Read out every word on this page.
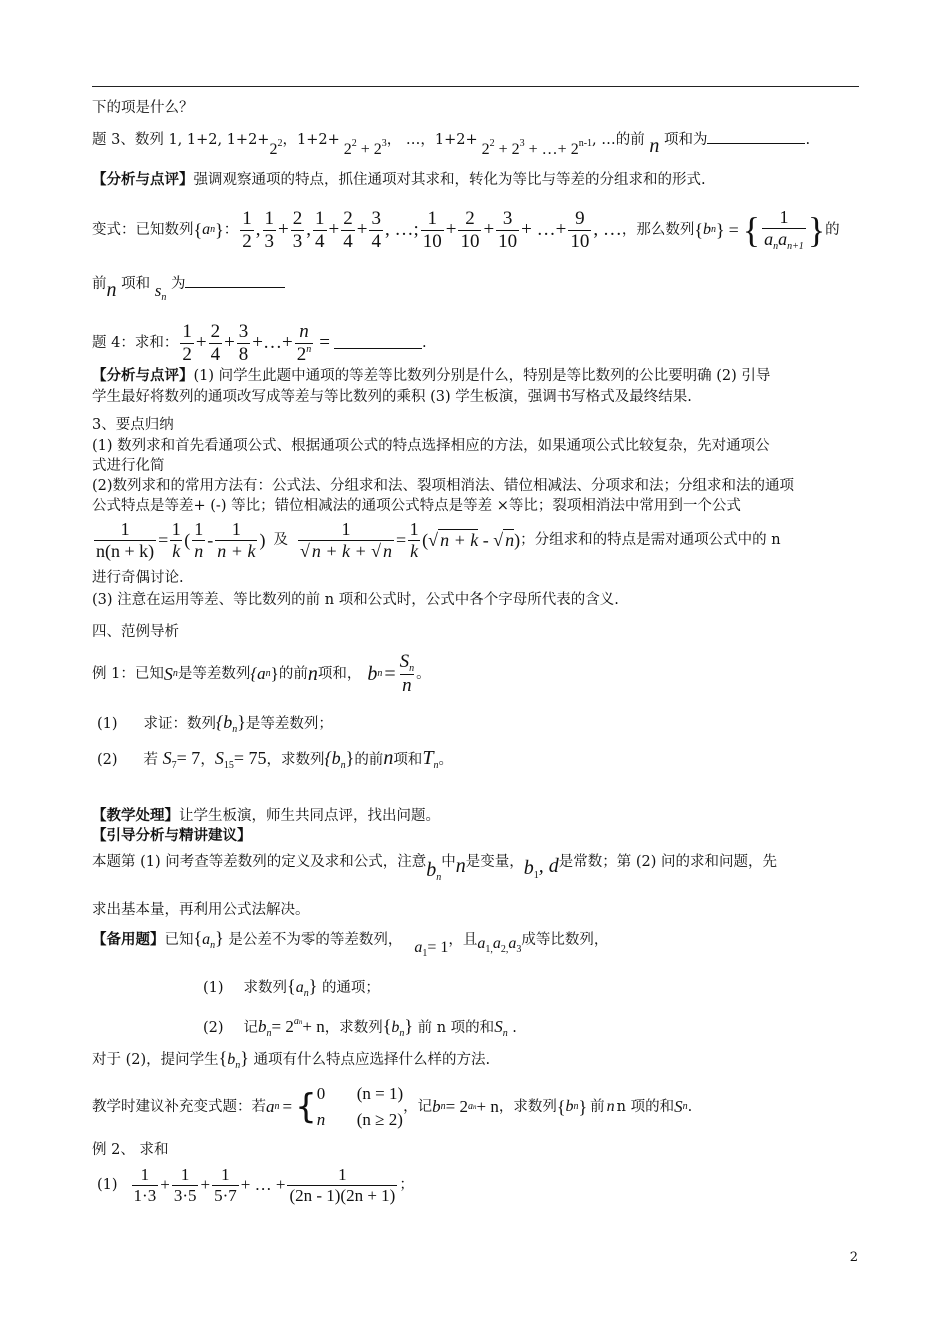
下的项是什么？
题 3、数列 1, 1+2, $1+2+2^2$，$1+2+ 2^2 + 2^3$， …，$1+2+ 2^2 + 2^3$ + …+ $2^{n-1}$, …的前 n 项和为	.
【分析与点评】强调观察通项的特点，抓住通项对其求和，转化为等比与等差的分组求和的形式.
变式：已知数列 { a n } ： $\frac{1}{2}$ , $\frac{1}{3} + \frac{2}{3}$ , $\frac{1}{4} + \frac{2}{4} + \frac{3}{4}$ , …; $\frac{1}{10} + \frac{2}{10} + \frac{3}{10}$ + …+ $\frac{9}{10}$ , … ，那么数列 { b n } = { $\frac{1}{a_na_{n+1}}$ } 的
前n 项和 $s_n$ 为
题 4：求和： $\frac{1}{2} + \frac{2}{4} + \frac{3}{8}$ +…+ $\frac{n}{2^n}$ =	.
【分析与点评】(1) 问学生此题中通项的等差等比数列分别是什么，特别是等比数列的公比要明确 (2) 引导
学生最好将数列的通项改写成等差与等比数列的乘积 (3) 学生板演，强调书写格式及最终结果.
3、要点归纳
(1) 数列求和首先看通项公式、根据通项公式的特点选择相应的方法，如果通项公式比较复杂，先对通项公
式进行化简
(2)数列求和的常用方法有：公式法、分组求和法、裂项相消法、错位相减法、分项求和法；分组求和法的通项
公式特点是等差+ (-) 等比；错位相减法的通项公式特点是等差 ×等比；裂项相消法中常用到一个公式
$\frac{1}{n(n + k)} = \frac{1}{k}$ ( $\frac{1}{n} - \frac{1}{n + k}$ ) 及 $\frac{1}{√ n + k + √ n} = \frac{1}{k}$ ( √ n + k - √ n ) ；分组求和的特点是需对通项公式中的 n
进行奇偶讨论.
(3) 注意在运用等差、等比数列的前 n 项和公式时，公式中各个字母所代表的含义.
四、范例导析
例 1：已知 S n 是等差数列 {a n } 的前 n 项和， b $n = \frac{S_n}{n}$ 。
(1) 求证：数列$\{b_n\}$是等差数列；
(2) 若 $S_7= 7$，$S_{15}= 75$，求数列$\{b_n\}$的前n项和$T_n$。
【教学处理】让学生板演，师生共同点评，找出问题。
【引导分析与精讲建议】
本题第 (1) 问考查等差数列的定义及求和公式，注意$b_n$中n是变量，$b_1$, d是常数；第 (2) 问的求和问题，先
求出基本量，再利用公式法解决。
【备用题】已知$\{a_n\}$ 是公差不为零的等差数列， $a_1= 1$，且$a_{1,}a_{2,}a_3$成等比数列，
(1) 求数列$\{a_n\}$ 的通项；
(2) 记$b_n= 2^{an}+ n$，求数列$\{b_n\}$ 前 n 项的和$S_n$ .
对于 (2)，提问学生$\{b_n\}$ 通项有什么特点应选择什么样的方法.
教学时建议补充变式题：若 a n = { 0 (n = 1)
n (n ≥ 2)
，记 b n = 2 an + n ，求数列 { b n } 前 n n 项的和 S n .
例 2、 求和
$(1) \frac{1}{1\cdot 3} + \frac{1}{3\cdot 5} + \frac{1}{5\cdot 7}$ + … + $\frac{1}{(2n - 1)(2n + 1)}$ ；
2
